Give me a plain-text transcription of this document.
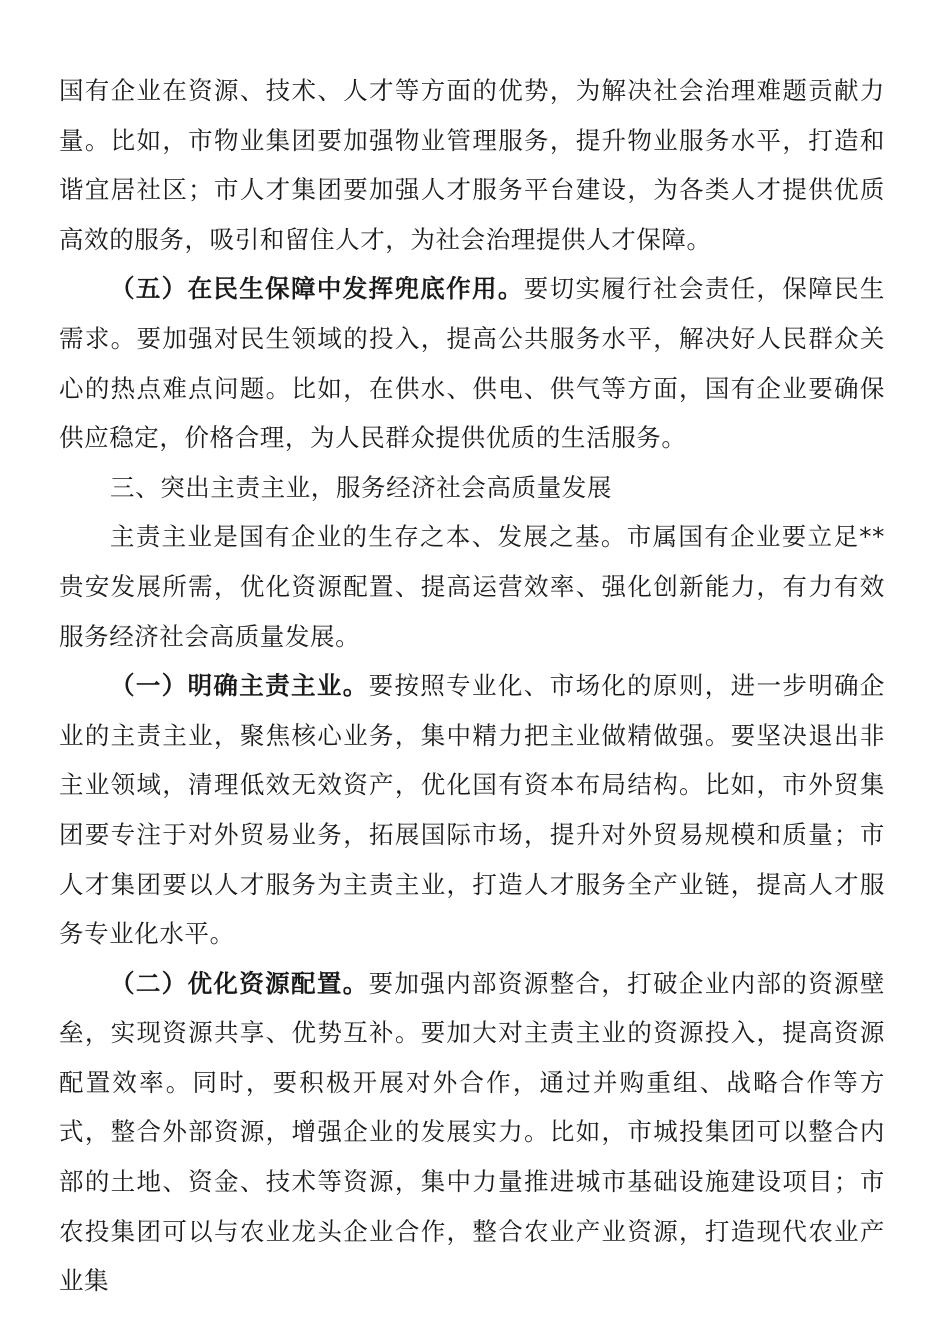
国有企业在资源、技术、人才等方面的优势，为解决社会治理难题贡献力量。比如，市物业集团要加强物业管理服务，提升物业服务水平，打造和谐宜居社区；市人才集团要加强人才服务平台建设，为各类人才提供优质高效的服务，吸引和留住人才，为社会治理提供人才保障。

（五）在民生保障中发挥兜底作用。要切实履行社会责任，保障民生需求。要加强对民生领域的投入，提高公共服务水平，解决好人民群众关心的热点难点问题。比如，在供水、供电、供气等方面，国有企业要确保供应稳定，价格合理，为人民群众提供优质的生活服务。

三、突出主责主业，服务经济社会高质量发展

主责主业是国有企业的生存之本、发展之基。市属国有企业要立足**贵安发展所需，优化资源配置、提高运营效率、强化创新能力，有力有效服务经济社会高质量发展。

（一）明确主责主业。要按照专业化、市场化的原则，进一步明确企业的主责主业，聚焦核心业务，集中精力把主业做精做强。要坚决退出非主业领域，清理低效无效资产，优化国有资本布局结构。比如，市外贸集团要专注于对外贸易业务，拓展国际市场，提升对外贸易规模和质量；市人才集团要以人才服务为主责主业，打造人才服务全产业链，提高人才服务专业化水平。

（二）优化资源配置。要加强内部资源整合，打破企业内部的资源壁垒，实现资源共享、优势互补。要加大对主责主业的资源投入，提高资源配置效率。同时，要积极开展对外合作，通过并购重组、战略合作等方式，整合外部资源，增强企业的发展实力。比如，市城投集团可以整合内部的土地、资金、技术等资源，集中力量推进城市基础设施建设项目；市农投集团可以与农业龙头企业合作，整合农业产业资源，打造现代农业产业集
